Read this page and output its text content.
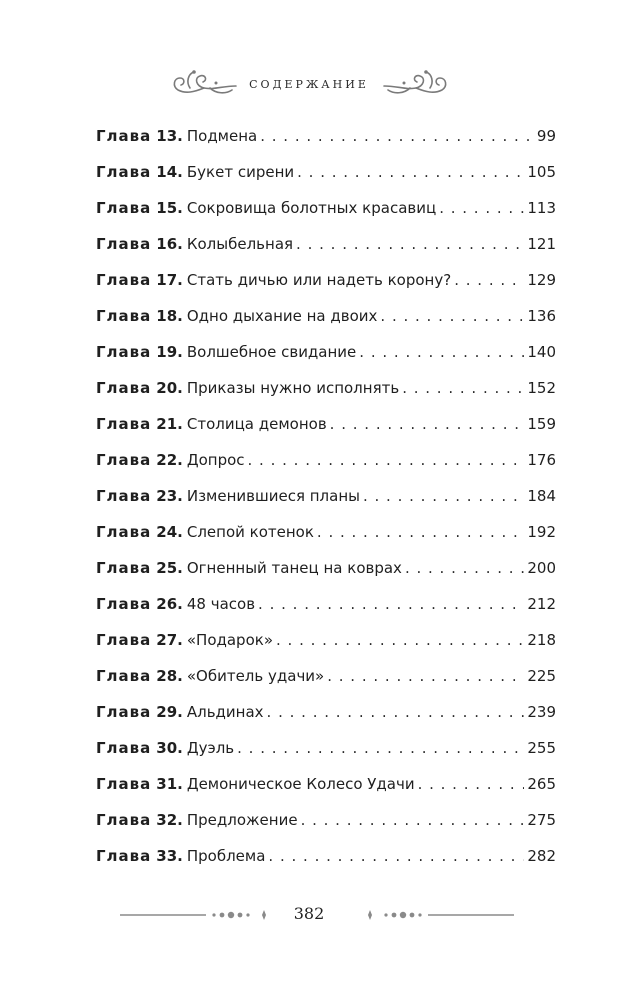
содержание
Глава 13. Подмена . . .	99
Глава 14. Букет сирени . . .	105
Глава 15. Сокровища болотных красавиц . . .	113
Глава 16. Колыбельная . . .	121
Глава 17. Стать дичью или надеть корону? . . .	129
Глава 18. Одно дыхание на двоих . . .	136
Глава 19. Волшебное свидание . . .	140
Глава 20. Приказы нужно исполнять . . .	152
Глава 21. Столица демонов . . .	159
Глава 22. Допрос . . .	176
Глава 23. Изменившиеся планы . . .	184
Глава 24. Слепой котенок . . .	192
Глава 25. Огненный танец на коврах . . .	200
Глава 26. 48 часов . . .	212
Глава 27. «Подарок» . . .	218
Глава 28. «Обитель удачи» . . .	225
Глава 29. Альдинах . . .	239
Глава 30. Дуэль . . .	255
Глава 31. Демоническое Колесо Удачи . . .	265
Глава 32. Предложение . . .	275
Глава 33. Проблема . . .	282
382
